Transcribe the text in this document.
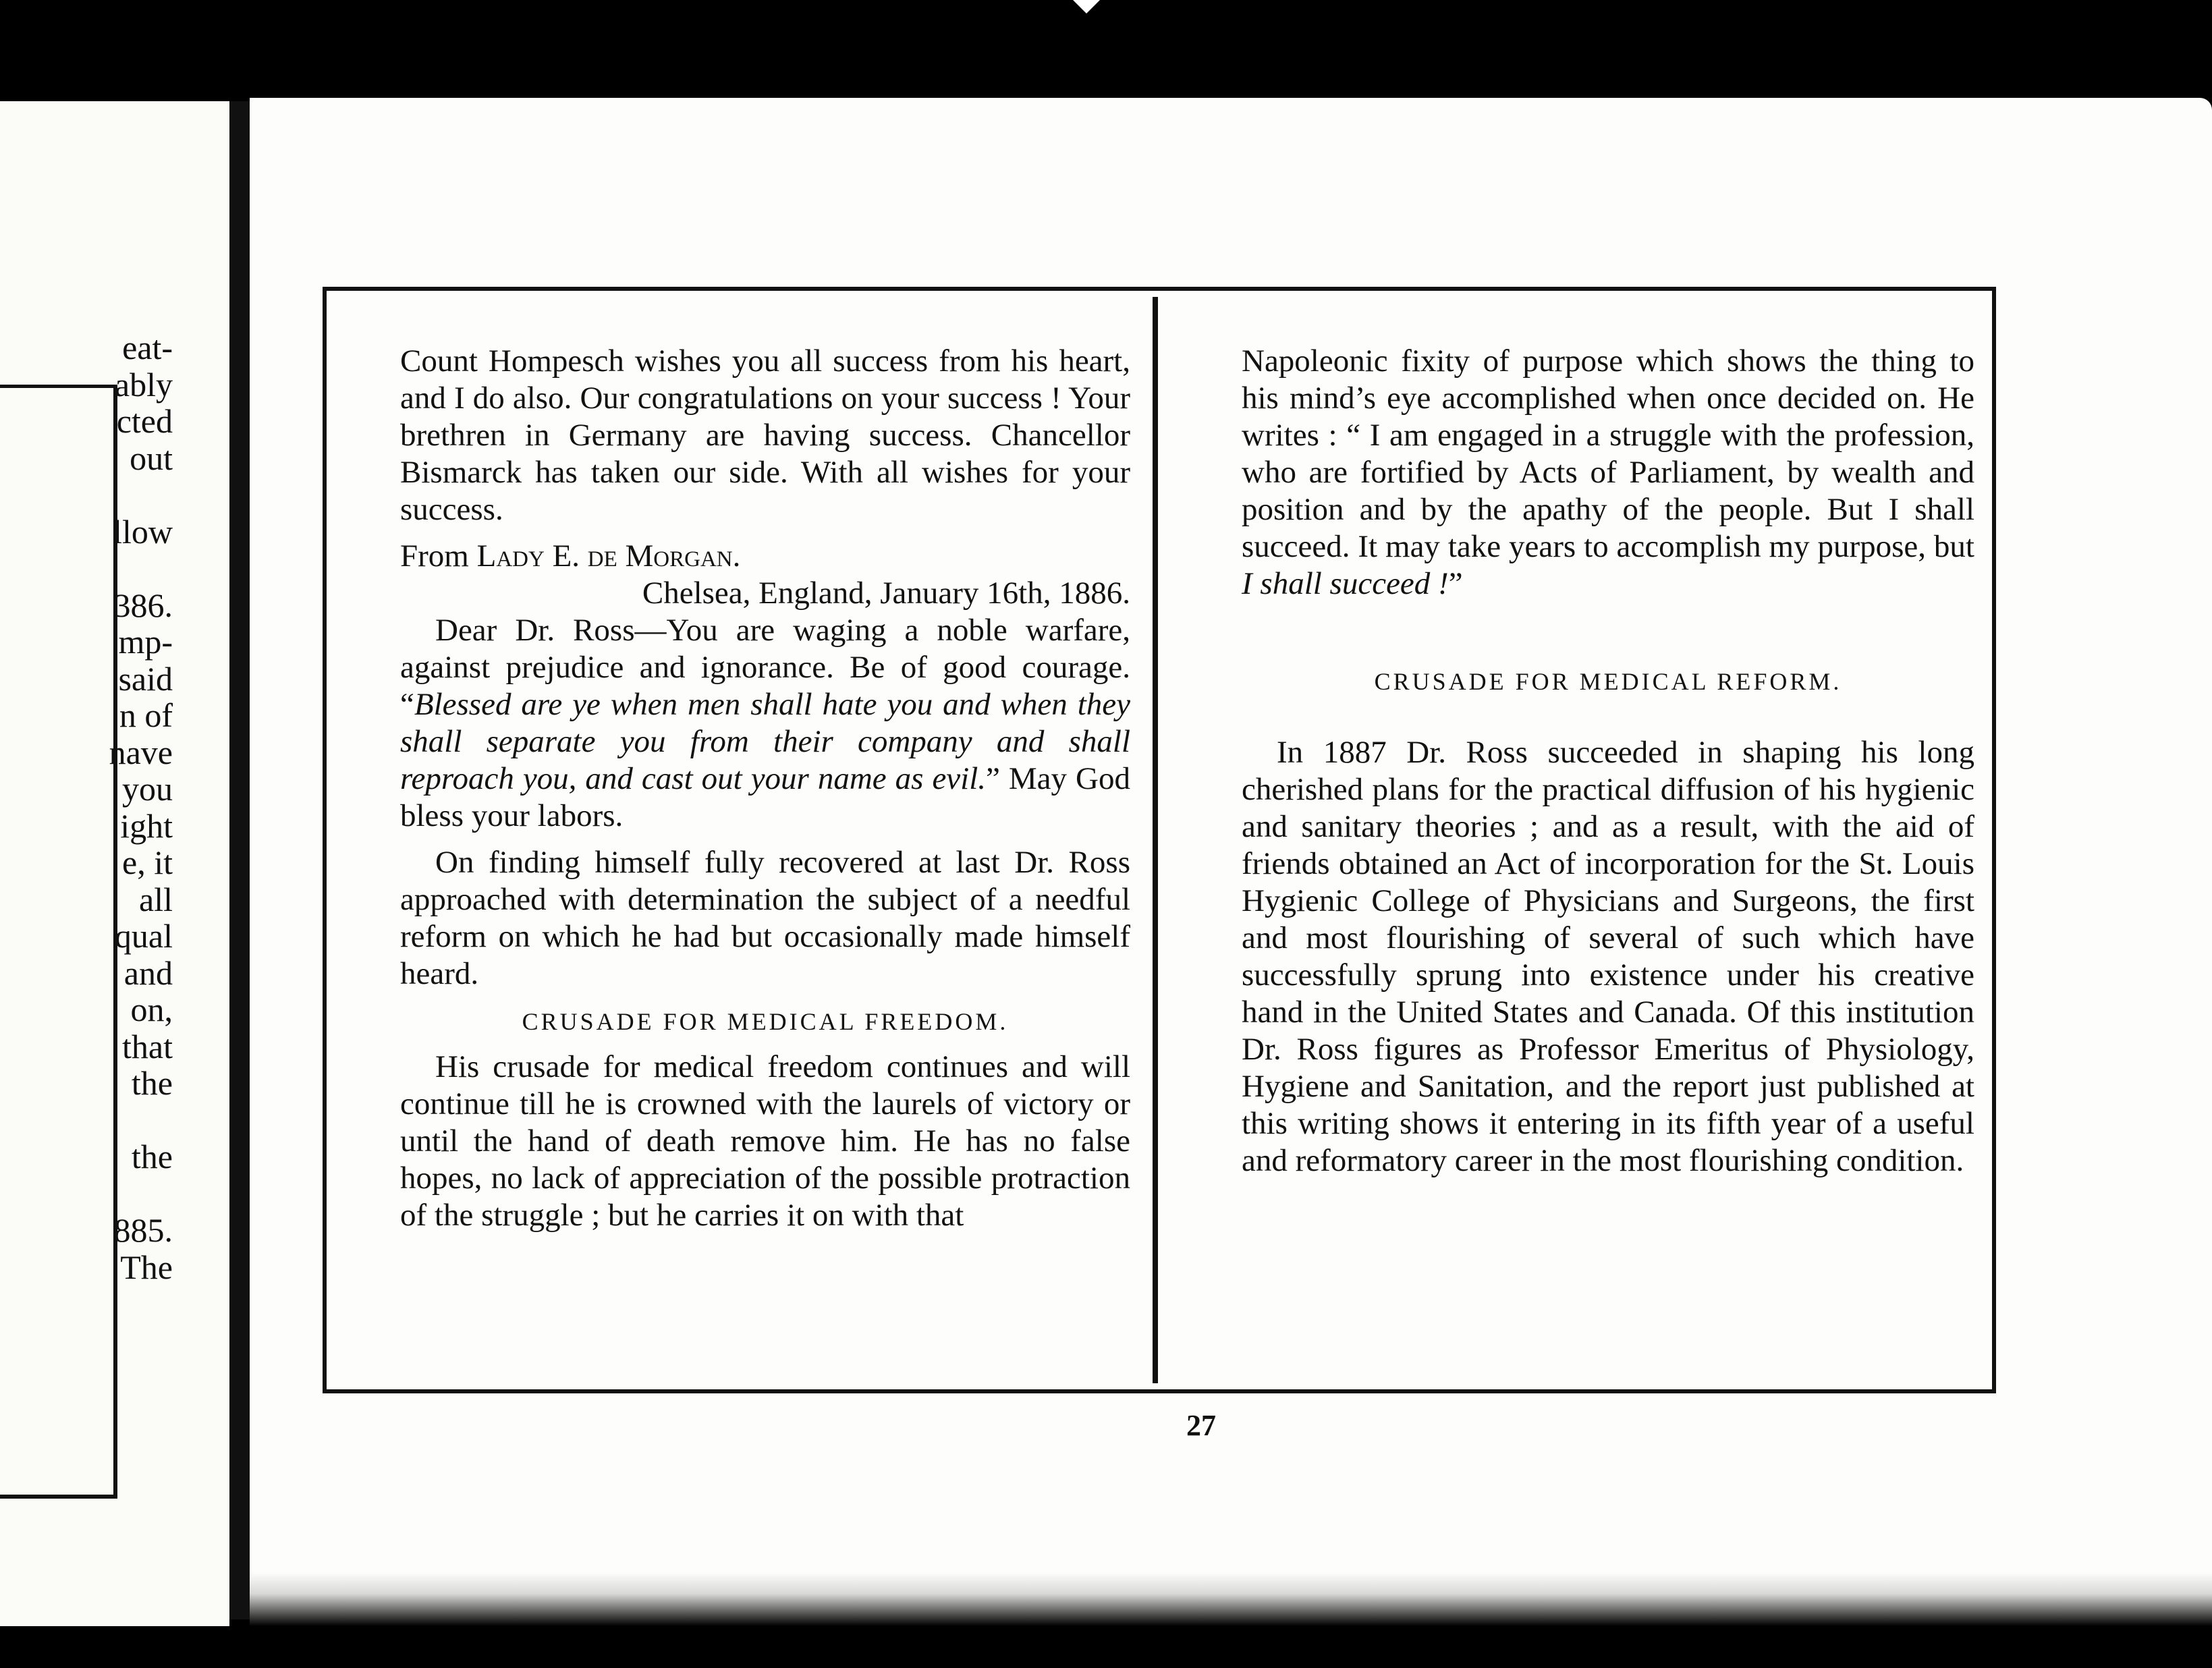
eat-
ably
cted
out
llow
386.
mp-
said
n of
nave
you
ight
e, it
all
qual
and
on,
that
the
the
885.
The

Count Hompesch wishes you all success from his heart, and I do also. Our congratulations on your success ! Your brethren in Germany are having success. Chancellor Bismarck has taken our side. With all wishes for your success.

From Lady E. de Morgan.

Chelsea, England, January 16th, 1886.

Dear Dr. Ross—You are waging a noble warfare, against prejudice and ignorance. Be of good courage. “Blessed are ye when men shall hate you and when they shall separate you from their company and shall reproach you, and cast out your name as evil.” May God bless your labors.

On finding himself fully recovered at last Dr. Ross approached with determination the subject of a needful reform on which he had but occasionally made himself heard.

CRUSADE FOR MEDICAL FREEDOM.

His crusade for medical freedom continues and will continue till he is crowned with the laurels of victory or until the hand of death remove him. He has no false hopes, no lack of appreciation of the possible protraction of the struggle ; but he carries it on with that

Napoleonic fixity of purpose which shows the thing to his mind’s eye accomplished when once decided on. He writes : “ I am engaged in a struggle with the profession, who are fortified by Acts of Parliament, by wealth and position and by the apathy of the people. But I shall succeed. It may take years to accomplish my purpose, but I shall succeed !”

CRUSADE FOR MEDICAL REFORM.

In 1887 Dr. Ross succeeded in shaping his long cherished plans for the practical diffusion of his hygienic and sanitary theories ; and as a result, with the aid of friends obtained an Act of incorporation for the St. Louis Hygienic College of Physicians and Surgeons, the first and most flourishing of several of such which have successfully sprung into existence under his creative hand in the United States and Canada. Of this institution Dr. Ross figures as Professor Emeritus of Physiology, Hygiene and Sanitation, and the report just published at this writing shows it entering in its fifth year of a useful and reformatory career in the most flourishing condition.

27
